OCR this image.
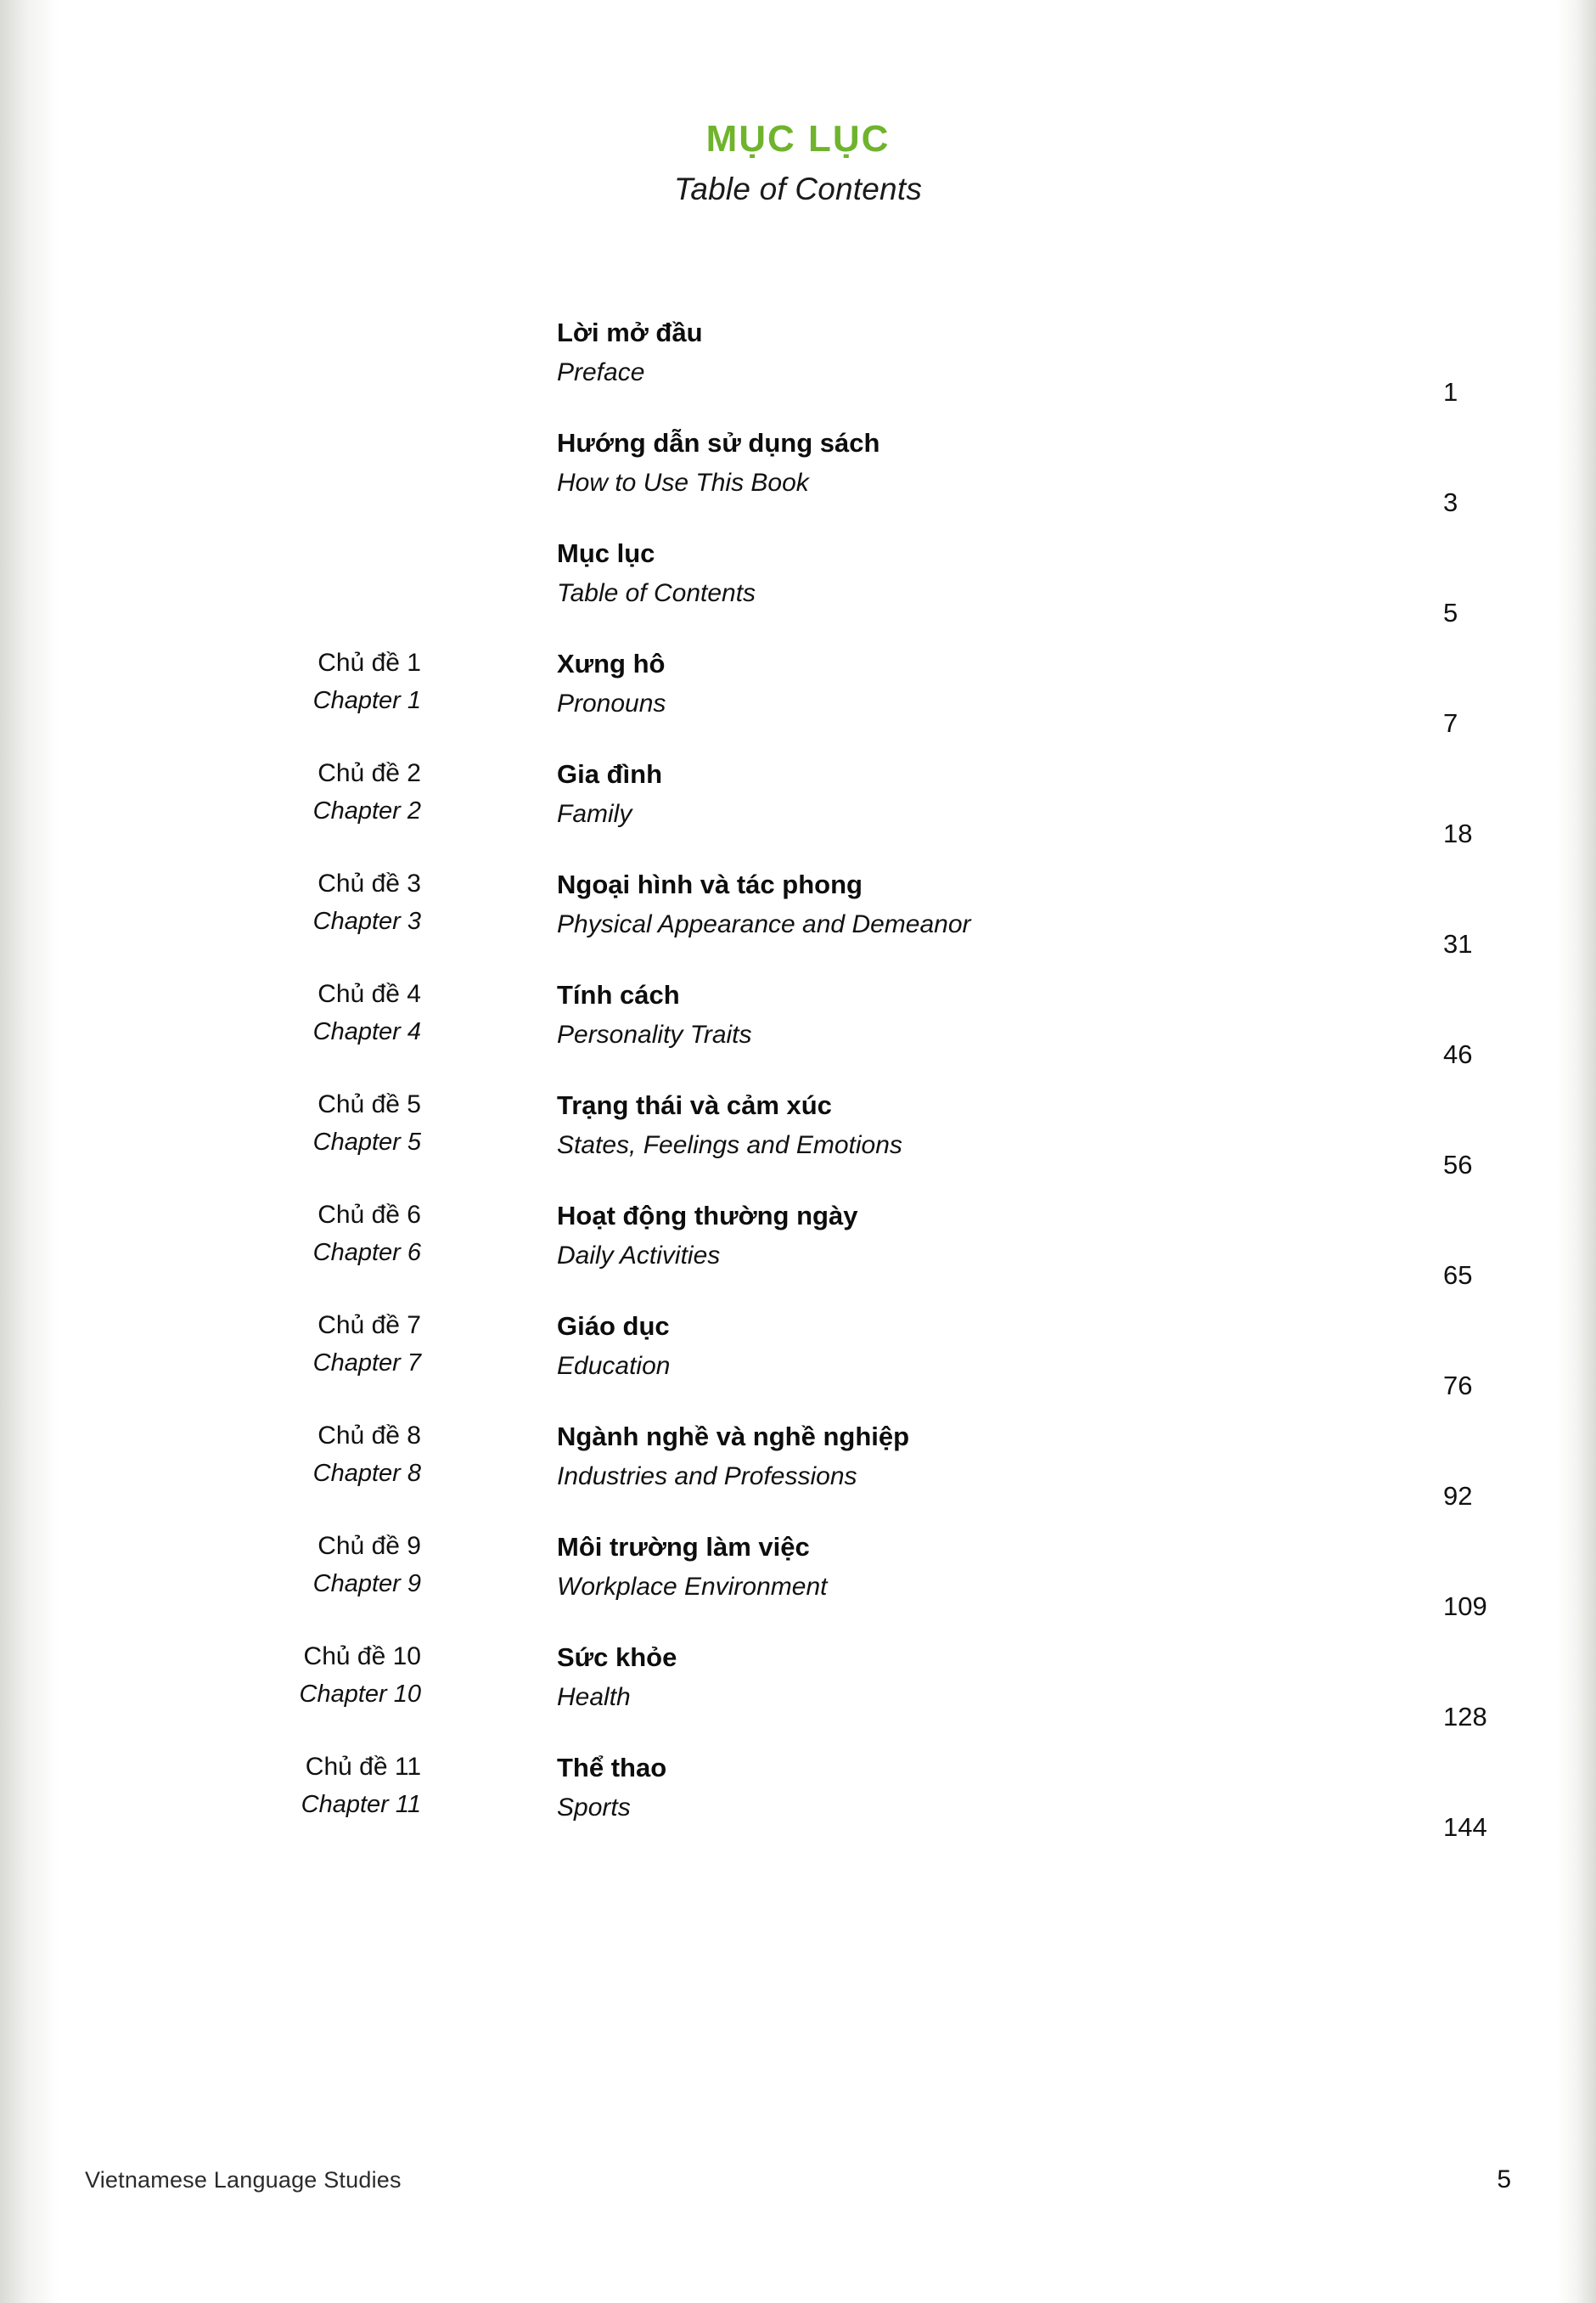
MỤC LỤC
Table of Contents
Lời mở đầu
Preface
1
Hướng dẫn sử dụng sách
How to Use This Book
3
Mục lục
Table of Contents
5
Chủ đề 1
Chapter 1
Xưng hô
Pronouns
7
Chủ đề 2
Chapter 2
Gia đình
Family
18
Chủ đề 3
Chapter 3
Ngoại hình và tác phong
Physical Appearance and Demeanor
31
Chủ đề 4
Chapter 4
Tính cách
Personality Traits
46
Chủ đề 5
Chapter 5
Trạng thái và cảm xúc
States, Feelings and Emotions
56
Chủ đề 6
Chapter 6
Hoạt động thường ngày
Daily Activities
65
Chủ đề 7
Chapter 7
Giáo dục
Education
76
Chủ đề 8
Chapter 8
Ngành nghề và nghề nghiệp
Industries and Professions
92
Chủ đề 9
Chapter 9
Môi trường làm việc
Workplace Environment
109
Chủ đề 10
Chapter 10
Sức khỏe
Health
128
Chủ đề 11
Chapter 11
Thể thao
Sports
144
Vietnamese Language Studies	5
